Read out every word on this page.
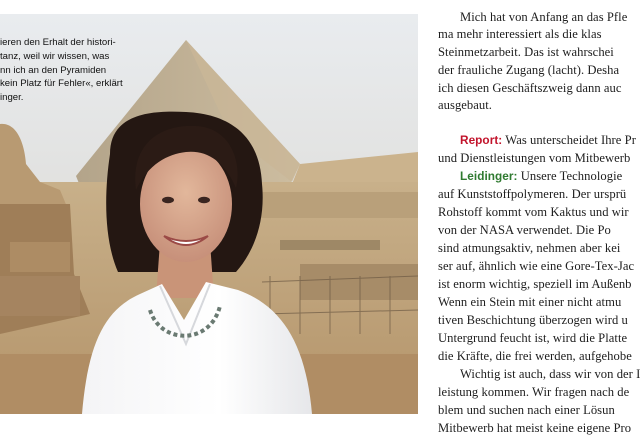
ieren den Erhalt der histori-
tanz, weil wir wissen, was
nn ich an den Pyramiden
kein Platz für Fehler«, erklärt
inger.
Mich hat von Anfang an das Pfle
ma mehr interessiert als die klas
Steinmetzarbeit. Das ist wahrschei
der frauliche Zugang (lacht). Desha
ich diesen Geschäftszweig dann auc
ausgebaut.
Report: Was unterscheidet Ihre Pr
und Dienstleistungen vom Mitbewerb
Leidinger: Unsere Technologie
auf Kunststoffpolymeren. Der ursprü
Rohstoff kommt vom Kaktus und wir
von der NASA verwendet. Die Po
sind atmungsaktiv, nehmen aber kei
ser auf, ähnlich wie eine Gore-Tex-Jac
ist enorm wichtig, speziell im Außenb
Wenn ein Stein mit einer nicht atmu
tiven Beschichtung überzogen wird u
Untergrund feucht ist, wird die Platte
die Kräfte, die frei werden, aufgehobe
Wichtig ist auch, dass wir von der I
leistung kommen. Wir fragen nach de
blem und suchen nach einer Lösun
Mitbewerb hat meist keine eigene Pro
